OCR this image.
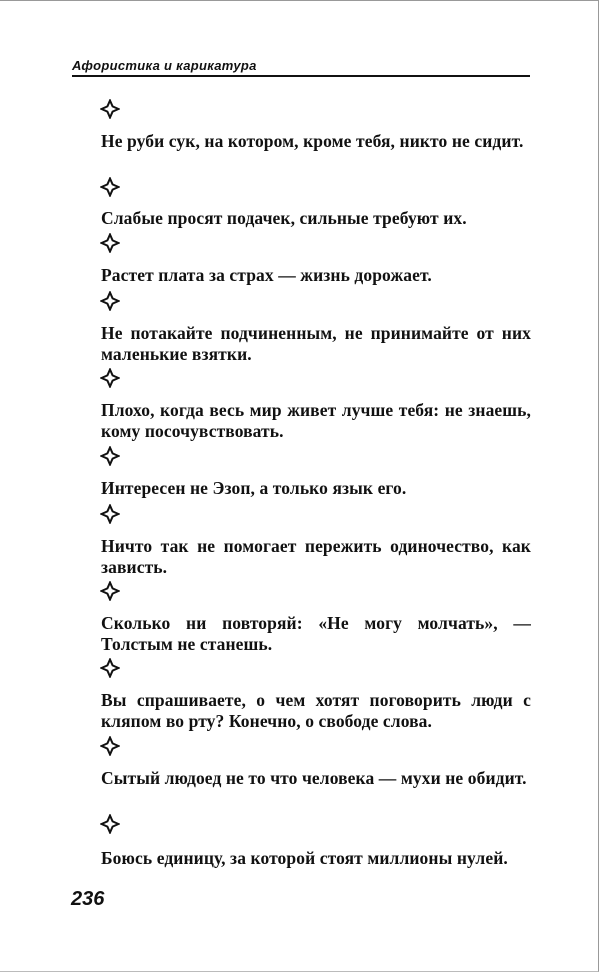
Афористика и карикатура
Не руби сук, на котором, кроме тебя, никто не сидит.
Слабые просят подачек, сильные требуют их.
Растет плата за страх — жизнь дорожает.
Не потакайте подчиненным, не принимайте от них маленькие взятки.
Плохо, когда весь мир живет лучше тебя: не знаешь, кому посочувствовать.
Интересен не Эзоп, а только язык его.
Ничто так не помогает пережить одиночество, как зависть.
Сколько ни повторяй: «Не могу молчать», — Толстым не станешь.
Вы спрашиваете, о чем хотят поговорить люди с кляпом во рту? Конечно, о свободе слова.
Сытый людоед не то что человека — мухи не обидит.
Боюсь единицу, за которой стоят миллионы нулей.
236
